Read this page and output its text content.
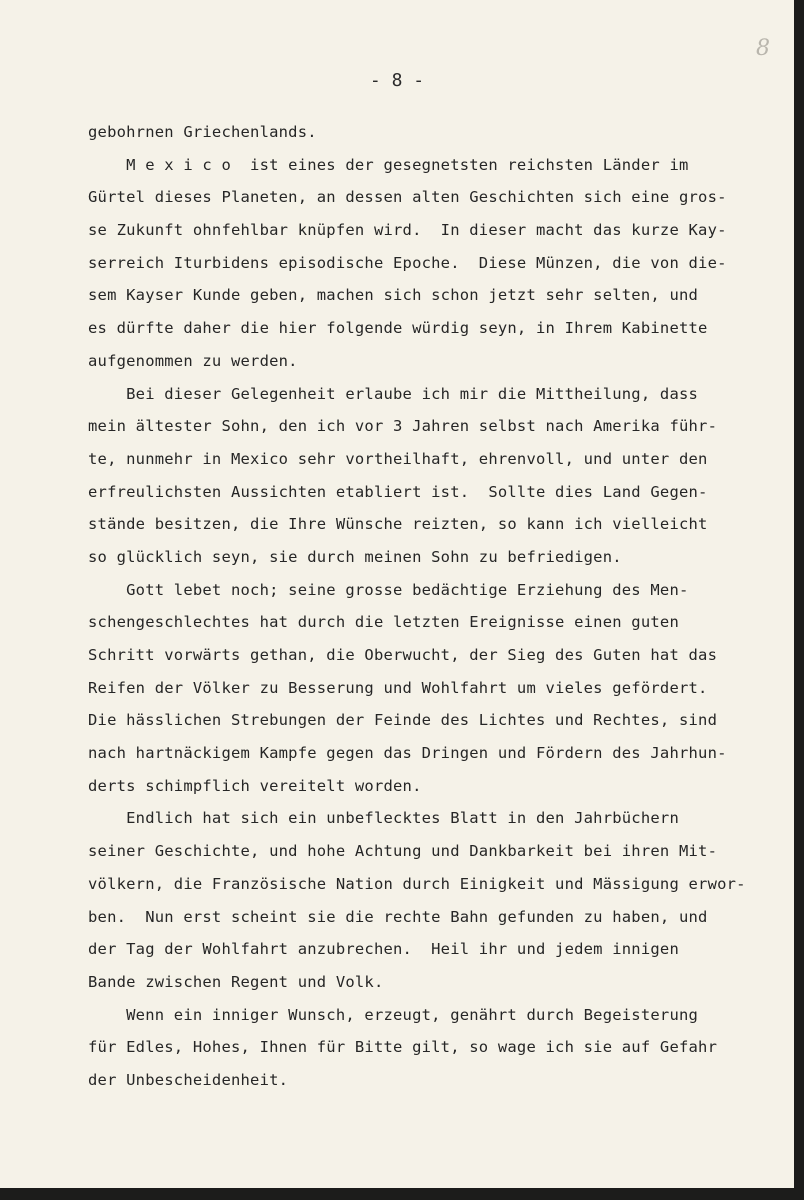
8
- 8 -
gebohrnen Griechenlands.
M e x i c o  ist eines der gesegnetsten reichsten Länder im
Gürtel dieses Planeten, an dessen alten Geschichten sich eine gros-
se Zukunft ohnfehlbar knüpfen wird.  In dieser macht das kurze Kay-
serreich Iturbidens episodische Epoche.  Diese Münzen, die von die-
sem Kayser Kunde geben, machen sich schon jetzt sehr selten, und
es dürfte daher die hier folgende würdig seyn, in Ihrem Kabinette
aufgenommen zu werden.
Bei dieser Gelegenheit erlaube ich mir die Mittheilung, dass
mein ältester Sohn, den ich vor 3 Jahren selbst nach Amerika führ-
te, nunmehr in Mexico sehr vortheilhaft, ehrenvoll, und unter den
erfreulichsten Aussichten etabliert ist.  Sollte dies Land Gegen-
stände besitzen, die Ihre Wünsche reizten, so kann ich vielleicht
so glücklich seyn, sie durch meinen Sohn zu befriedigen.
Gott lebet noch; seine grosse bedächtige Erziehung des Men-
schengeschlechtes hat durch die letzten Ereignisse einen guten
Schritt vorwärts gethan, die Oberwucht, der Sieg des Guten hat das
Reifen der Völker zu Besserung und Wohlfahrt um vieles gefördert.
Die hässlichen Strebungen der Feinde des Lichtes und Rechtes, sind
nach hartnäckigem Kampfe gegen das Dringen und Fördern des Jahrhun-
derts schimpflich vereitelt worden.
Endlich hat sich ein unbeflecktes Blatt in den Jahrbüchern
seiner Geschichte, und hohe Achtung und Dankbarkeit bei ihren Mit-
völkern, die Französische Nation durch Einigkeit und Mässigung erwor-
ben.  Nun erst scheint sie die rechte Bahn gefunden zu haben, und
der Tag der Wohlfahrt anzubrechen.  Heil ihr und jedem innigen
Bande zwischen Regent und Volk.
Wenn ein inniger Wunsch, erzeugt, genährt durch Begeisterung
für Edles, Hohes, Ihnen für Bitte gilt, so wage ich sie auf Gefahr
der Unbescheidenheit.
